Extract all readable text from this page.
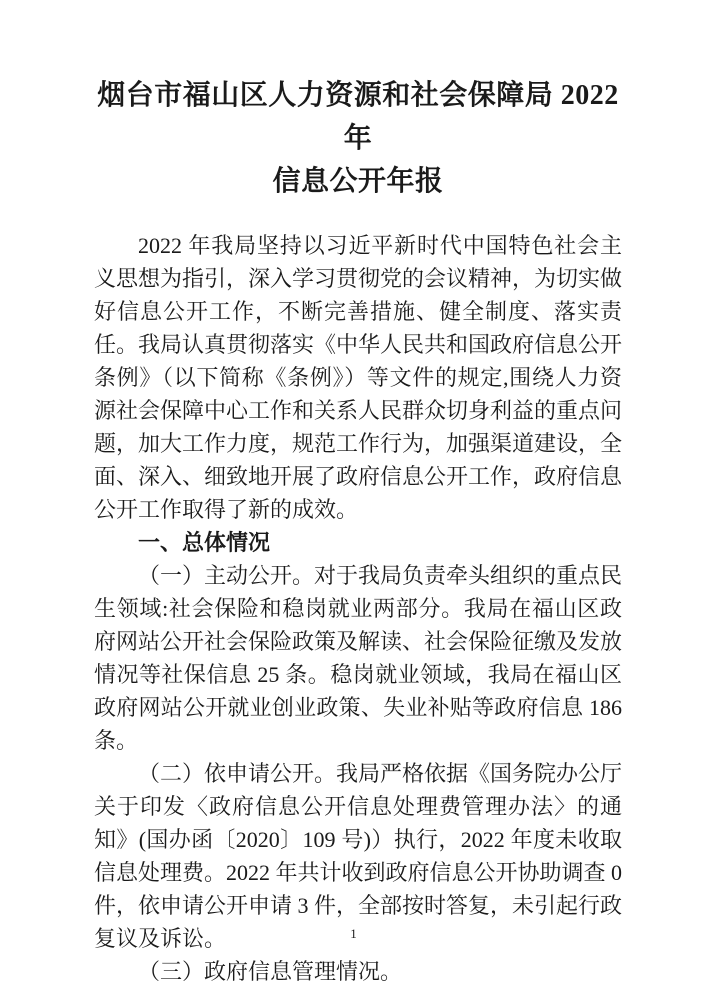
烟台市福山区人力资源和社会保障局 2022 年
信息公开年报

2022 年我局坚持以习近平新时代中国特色社会主义思想为指引，深入学习贯彻党的会议精神，为切实做好信息公开工作，不断完善措施、健全制度、落实责任。我局认真贯彻落实《中华人民共和国政府信息公开条例》（以下简称《条例》）等文件的规定,围绕人力资源社会保障中心工作和关系人民群众切身利益的重点问题，加大工作力度，规范工作行为，加强渠道建设，全面、深入、细致地开展了政府信息公开工作，政府信息公开工作取得了新的成效。

一、总体情况

（一）主动公开。对于我局负责牵头组织的重点民生领域:社会保险和稳岗就业两部分。我局在福山区政府网站公开社会保险政策及解读、社会保险征缴及发放情况等社保信息 25 条。稳岗就业领域，我局在福山区政府网站公开就业创业政策、失业补贴等政府信息 186 条。

（二）依申请公开。我局严格依据《国务院办公厅关于印发〈政府信息公开信息处理费管理办法〉的通知》(国办函〔2020〕109 号)）执行，2022 年度未收取信息处理费。2022 年共计收到政府信息公开协助调查 0 件，依申请公开申请 3 件，全部按时答复，未引起行政复议及诉讼。

（三）政府信息管理情况。

1
